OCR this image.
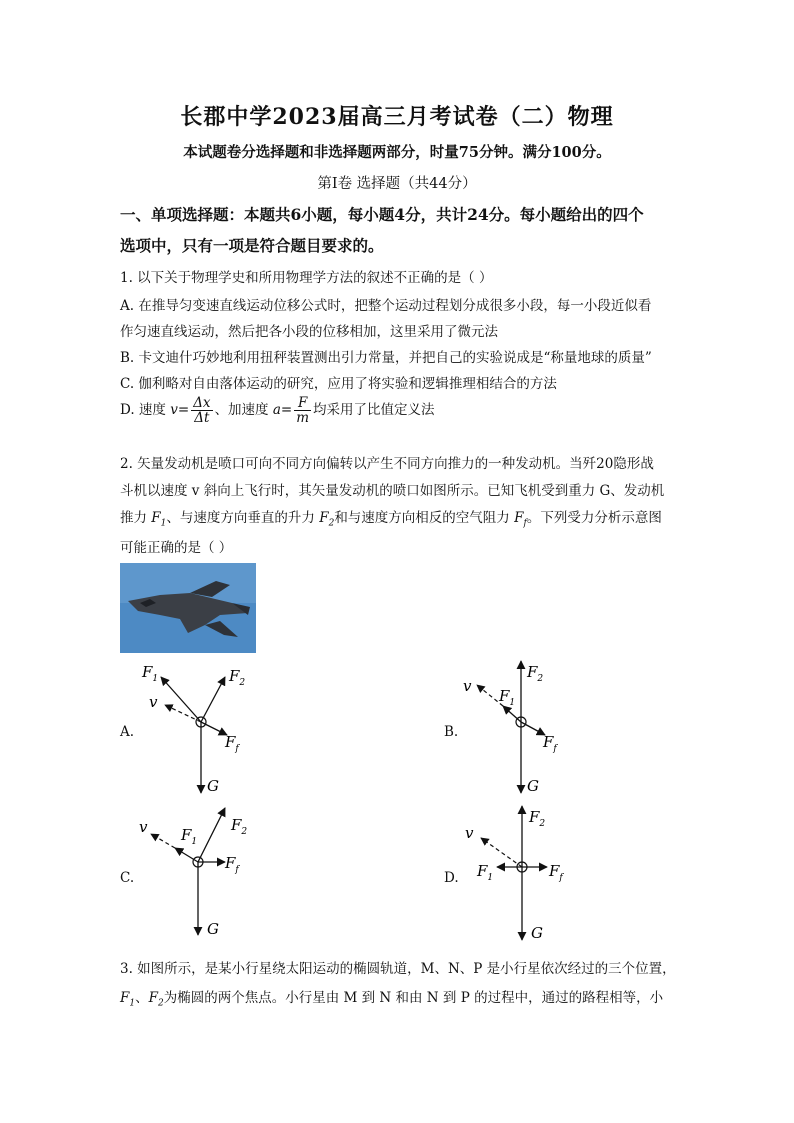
长郡中学2023届高三月考试卷（二）物理
本试题卷分选择题和非选择题两部分，时量75分钟。满分100分。
第Ⅰ卷 选择题（共44分）
一、单项选择题：本题共6小题，每小题4分，共计24分。每小题给出的四个
选项中，只有一项是符合题目要求的。
1. 以下关于物理学史和所用物理学方法的叙述不正确的是（ ）
A. 在推导匀变速直线运动位移公式时，把整个运动过程划分成很多小段，每一小段近似看
作匀速直线运动，然后把各小段的位移相加，这里采用了微元法
B. 卡文迪什巧妙地利用扭秤装置测出引力常量，并把自己的实验说成是“称量地球的质量”
C. 伽利略对自由落体运动的研究，应用了将实验和逻辑推理相结合的方法
D. 速度 $v= \frac{\Delta x}{\Delta t}$ 、加速度 $a= \frac{F}{m}$ 均采用了比值定义法
2. 矢量发动机是喷口可向不同方向偏转以产生不同方向推力的一种发动机。当歼20隐形战
斗机以速度 v 斜向上飞行时，其矢量发动机的喷口如图所示。已知飞机受到重力 G、发动机
推力 $F_1$、与速度方向垂直的升力 $F_2$和与速度方向相反的空气阻力 $F_f$。下列受力分析示意图
可能正确的是（ ）
A.
$F_1$	$F_2$
v
$F_f$
G
B.
$F_2$
v
$F_1$
$F_f$
G
C.
$F_2$
v $F_1$
$F_f$
G
D.
$F_2$
v
$F_1$	$F_f$
G
3. 如图所示，是某小行星绕太阳运动的椭圆轨道，M、N、P 是小行星依次经过的三个位置，
$F_1$、$F_2$为椭圆的两个焦点。小行星由 M 到 N 和由 N 到 P 的过程中，通过的路程相等，小
